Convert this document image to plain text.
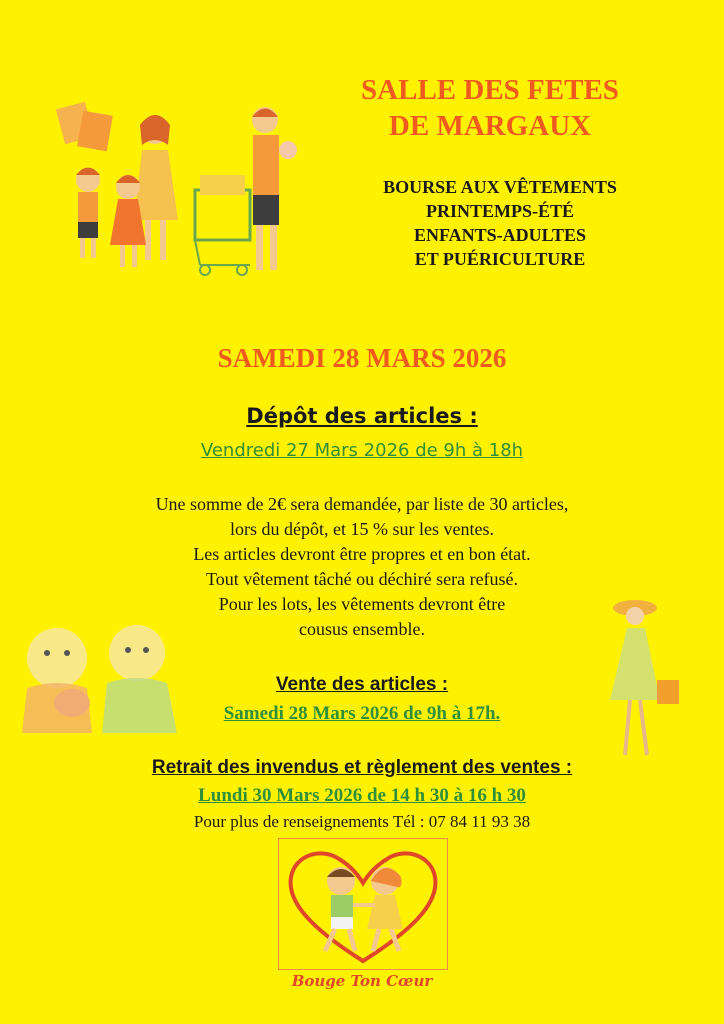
SALLE DES FETES
DE MARGAUX
BOURSE AUX VÊTEMENTS
PRINTEMPS-ÉTÉ
ENFANTS-ADULTES
ET PUÉRICULTURE
SAMEDI 28 MARS 2026
Dépôt des articles :
Vendredi 27 Mars 2026 de 9h à 18h
Une somme de 2€ sera demandée, par liste de 30 articles,
lors du dépôt, et 15 % sur les ventes.
Les articles devront être propres et en bon état.
Tout vêtement tâché ou déchiré sera refusé.
Pour les lots, les vêtements devront être
cousus ensemble.
Vente des articles :
Samedi 28 Mars 2026 de 9h à 17h.
Retrait des invendus et règlement des ventes :
Lundi 30 Mars 2026 de 14 h 30 à 16 h 30
Pour plus de renseignements Tél : 07 84 11 93 38
Bouge Ton Cœur
